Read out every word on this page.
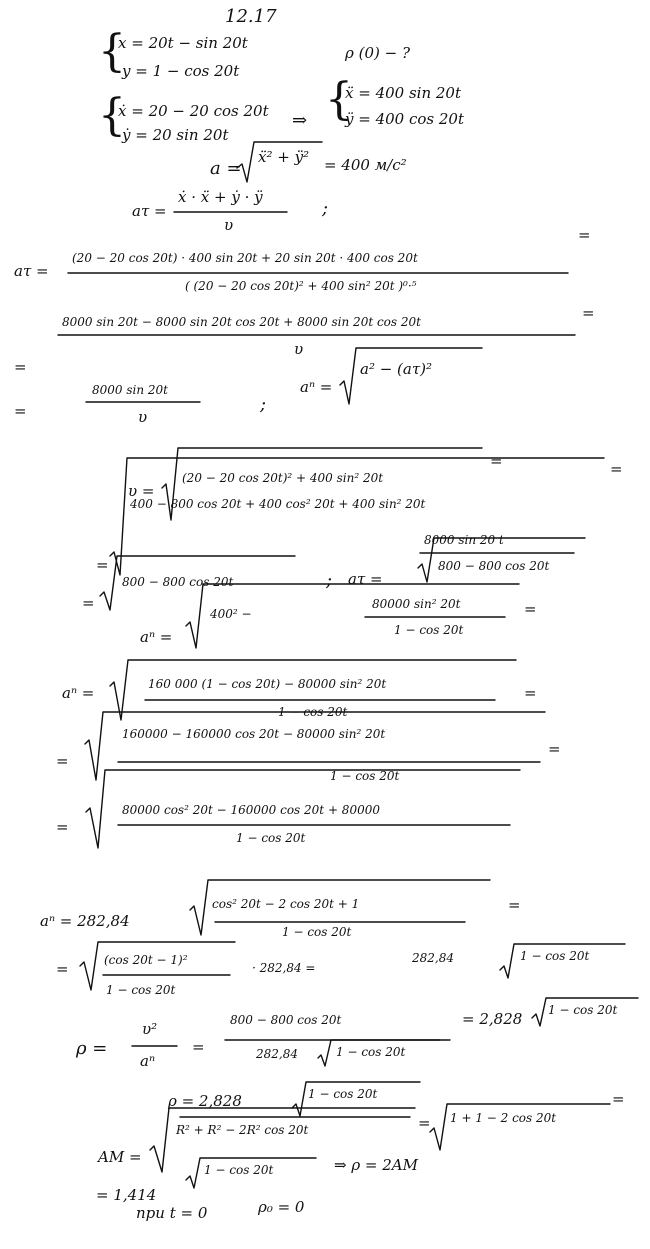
12.17
{
x = 20t − sin 20t
y = 1 − cos 20t
ρ (0) − ?
{
ẋ = 20 − 20 cos 20t
ẏ = 20 sin 20t
⇒ {
ẍ = 400 sin 20t
ÿ = 400 cos 20t
a =
ẍ² + ÿ² = 400 м/с²
aτ =
ẋ · ẍ + ẏ · ÿ
υ
;
aτ =
(20 − 20 cos 20t) · 400 sin 20t + 20 sin 20t · 400 cos 20t
( (20 − 20 cos 20t)² + 400 sin² 20t )⁰·⁵
=
8000 sin 20t − 8000 sin 20t cos 20t + 8000 sin 20t cos 20t
υ
=
=
=
8000 sin 20t
υ
;
aⁿ =
a² − (aτ)²
υ =
(20 − 20 cos 20t)² + 400 sin² 20t
=
=
400 − 800 cos 20t + 400 cos² 20t + 400 sin² 20t
=
=
800 − 800 cos 20t	; aτ =
8000 sin 20 t
800 − 800 cos 20t
aⁿ =
400² −
80000 sin² 20t
1 − cos 20t
=
aⁿ =	160 000 (1 − cos 20t) − 80000 sin² 20t
1 − cos 20t
=
=
160000 − 160000 cos 20t − 80000 sin² 20t
1 − cos 20t
=
=
80000 cos² 20t − 160000 cos 20t + 80000
1 − cos 20t
aⁿ = 282,84
cos² 20t − 2 cos 20t + 1
1 − cos 20t
=
=	(cos 20t − 1)²
1 − cos 20t
· 282,84 =
282,84	1 − cos 20t
ρ =
υ²
aⁿ
=
800 − 800 cos 20t
282,84	1 − cos 20t
= 2,828 1 − cos 20t
ρ = 2,828	1 − cos 20t
AM =
R² + R² − 2R² cos 20t	= 1 + 1 − 2 cos 20t
=
= 1,414
1 − cos 20t	⇒ ρ = 2AM
при t = 0	ρ₀ = 0
